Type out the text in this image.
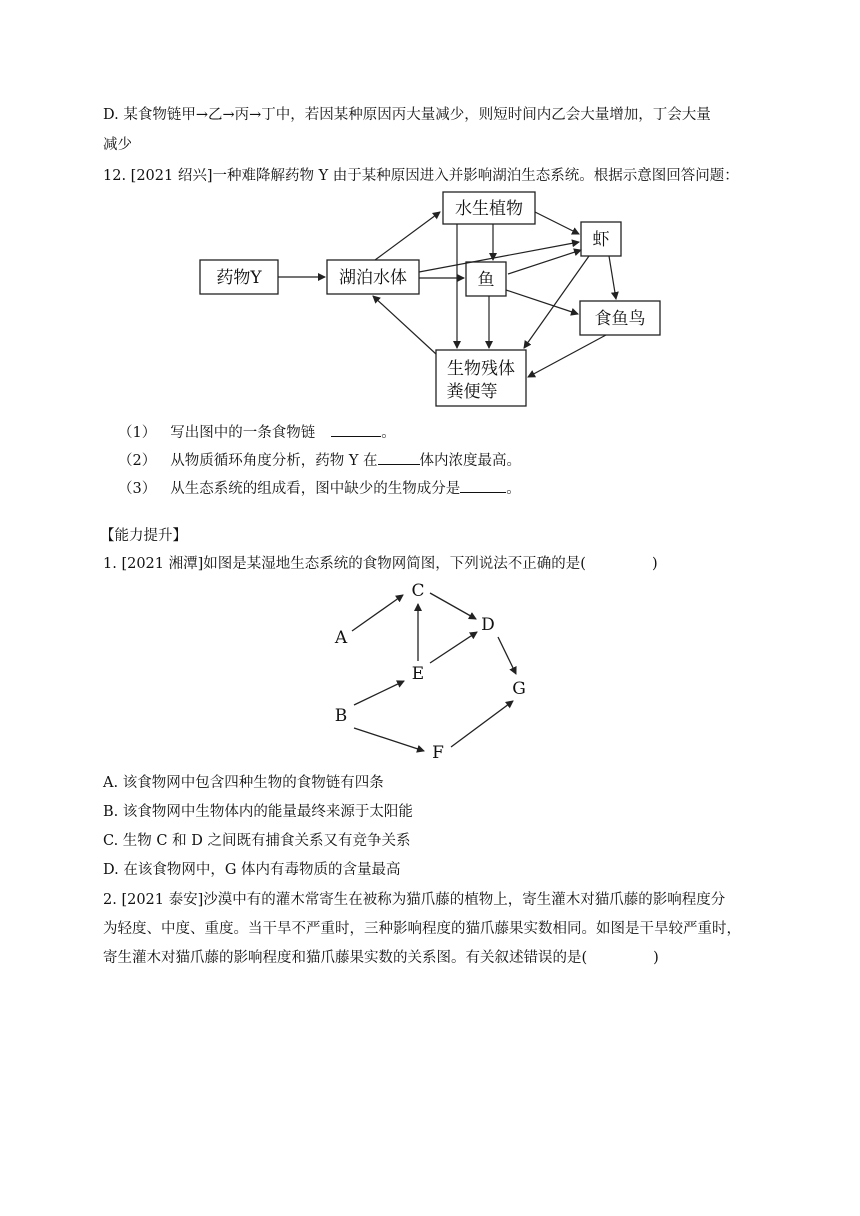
D. 某食物链甲→乙→丙→丁中，若因某种原因丙大量减少，则短时间内乙会大量增加，丁会大量
减少
12. [2021 绍兴]一种难降解药物 Y 由于某种原因进入并影响湖泊生态系统。根据示意图回答问题：
药物Y	湖泊水体
水生植物
虾
鱼
食鱼鸟
生物残体
粪便等
（1） 写出图中的一条食物链	。
（2） 从物质循环角度分析，药物 Y 在	体内浓度最高。
（3） 从生态系统的组成看，图中缺少的生物成分是	。
【能力提升】
1. [2021 湘潭]如图是某湿地生态系统的食物网简图，下列说法不正确的是(	)
A
B
C
D
E
F
G
A. 该食物网中包含四种生物的食物链有四条
B. 该食物网中生物体内的能量最终来源于太阳能
C. 生物 C 和 D 之间既有捕食关系又有竞争关系
D. 在该食物网中，G 体内有毒物质的含量最高
2. [2021 泰安]沙漠中有的灌木常寄生在被称为猫爪藤的植物上，寄生灌木对猫爪藤的影响程度分
为轻度、中度、重度。当干旱不严重时，三种影响程度的猫爪藤果实数相同。如图是干旱较严重时，
寄生灌木对猫爪藤的影响程度和猫爪藤果实数的关系图。有关叙述错误的是(	)
